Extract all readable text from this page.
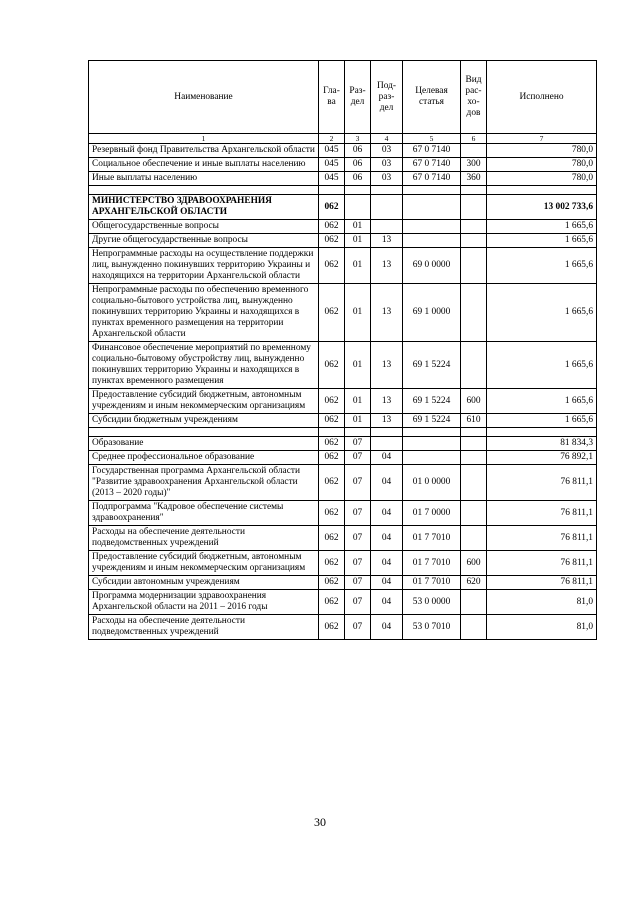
Наименование	Гла-ва	Раз-дел	Под-раз-дел	Целевая статья	Вид рас-хо-дов	Исполнено
1	2	3	4	5	6	7
Резервный фонд Правительства Архангельской области	045	06	03	67 0 7140		780,0
Социальное обеспечение и иные выплаты населению	045	06	03	67 0 7140	300	780,0
Иные выплаты населению	045	06	03	67 0 7140	360	780,0

МИНИСТЕРСТВО ЗДРАВООХРАНЕНИЯ АРХАНГЕЛЬСКОЙ ОБЛАСТИ	062					13 002 733,6
Общегосударственные вопросы	062	01				1 665,6
Другие общегосударственные вопросы	062	01	13			1 665,6
Непрограммные расходы на осуществление поддержки лиц, вынужденно покинувших территорию Украины и находящихся на территории Архангельской области	062	01	13	69 0 0000		1 665,6
Непрограммные расходы по обеспечению временного социально-бытового устройства лиц, вынужденно покинувших территорию Украины и находящихся в пунктах временного размещения на территории Архангельской области	062	01	13	69 1 0000		1 665,6
Финансовое обеспечение мероприятий по временному социально-бытовому обустройству лиц, вынужденно покинувших территорию Украины и находящихся в пунктах временного размещения	062	01	13	69 1 5224		1 665,6
Предоставление субсидий бюджетным, автономным учреждениям и иным некоммерческим организациям	062	01	13	69 1 5224	600	1 665,6
Субсидии бюджетным учреждениям	062	01	13	69 1 5224	610	1 665,6

Образование	062	07				81 834,3
Среднее профессиональное образование	062	07	04			76 892,1
Государственная программа Архангельской области "Развитие здравоохранения Архангельской области (2013 – 2020 годы)"	062	07	04	01 0 0000		76 811,1
Подпрограмма "Кадровое обеспечение системы здравоохранения"	062	07	04	01 7 0000		76 811,1
Расходы на обеспечение деятельности подведомственных учреждений	062	07	04	01 7 7010		76 811,1
Предоставление субсидий бюджетным, автономным учреждениям и иным некоммерческим организациям	062	07	04	01 7 7010	600	76 811,1
Субсидии автономным учреждениям	062	07	04	01 7 7010	620	76 811,1
Программа модернизации здравоохранения Архангельской области на 2011 – 2016 годы	062	07	04	53 0 0000		81,0
Расходы на обеспечение деятельности подведомственных учреждений	062	07	04	53 0 7010		81,0
30
